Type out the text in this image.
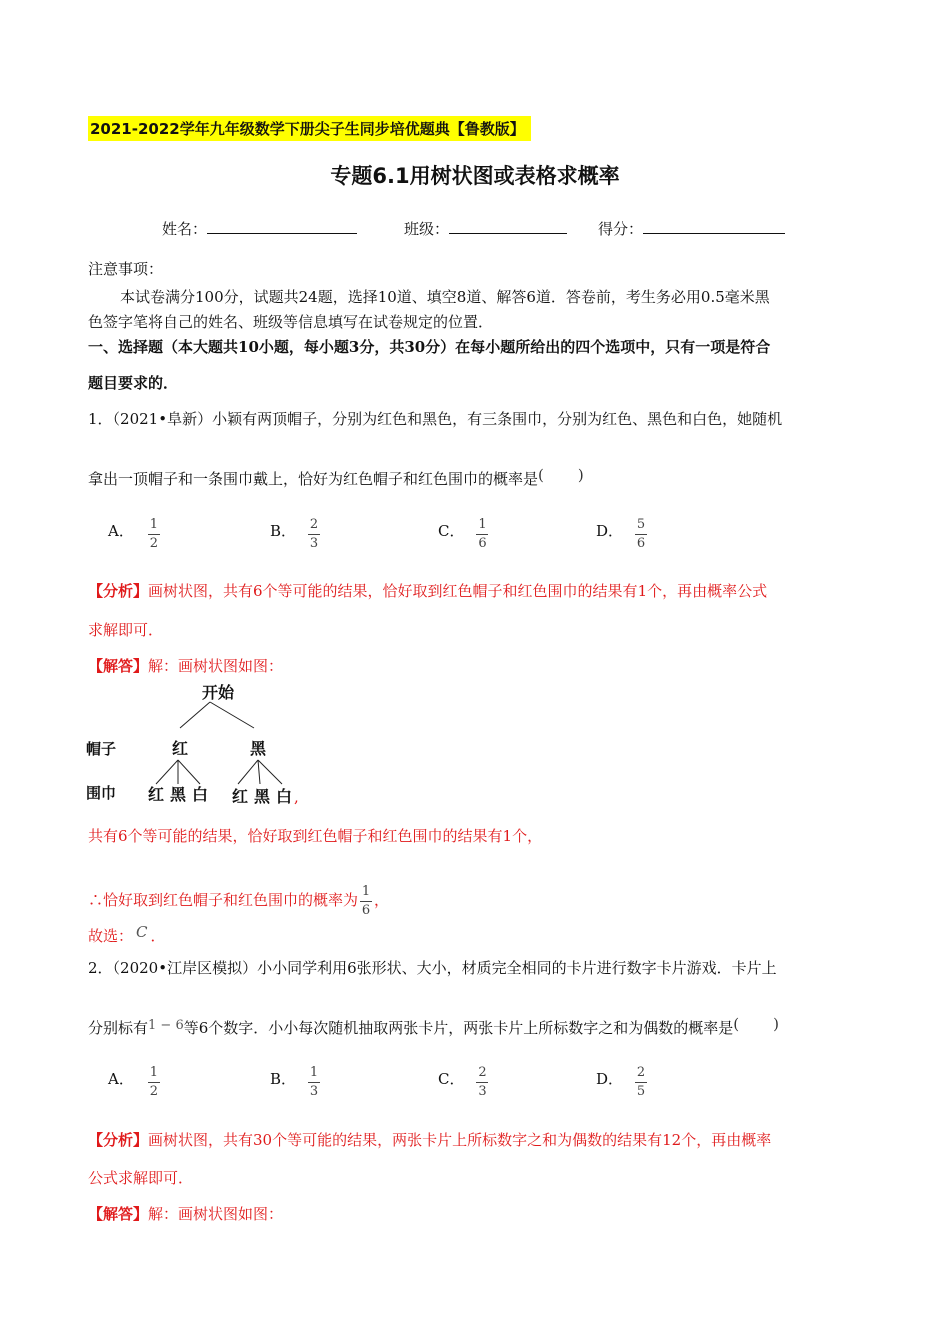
2021-2022学年九年级数学下册尖子生同步培优题典【鲁教版】
专题6.1用树状图或表格求概率
姓名：	班级：	得分：
注意事项：
本试卷满分100分，试题共24题，选择10道、填空8道、解答6道．答卷前，考生务必用0.5毫米黑
色签字笔将自己的姓名、班级等信息填写在试卷规定的位置．
一、选择题（本大题共10小题，每小题3分，共30分）在每小题所给出的四个选项中，只有一项是符合
题目要求的．
1．（2021•阜新）小颖有两顶帽子，分别为红色和黑色，有三条围巾，分别为红色、黑色和白色，她随机
拿出一顶帽子和一条围巾戴上，恰好为红色帽子和红色围巾的概率是( )
A． $\frac{1}{2}$	B． $\frac{2}{3}$	C． $\frac{1}{6}$	D． $\frac{5}{6}$
【分析】画树状图，共有6个等可能的结果，恰好取到红色帽子和红色围巾的结果有1个，再由概率公式
求解即可．
【解答】解：画树状图如图：
开始
帽子
围巾
红	黑
红 黑 白 红 黑 白 ,
共有6个等可能的结果，恰好取到红色帽子和红色围巾的结果有1个，
∴恰好取到红色帽子和红色围巾的概率为 $\frac{1}{6}$ ，
故选： C ．
2．（2020•江岸区模拟）小小同学利用6张形状、大小，材质完全相同的卡片进行数字卡片游戏．卡片上
分别标有1 − 6等6个数字．小小每次随机抽取两张卡片，两张卡片上所标数字之和为偶数的概率是( )
A． $\frac{1}{2}$	B． $\frac{1}{3}$	C． $\frac{2}{3}$	D． $\frac{2}{5}$
【分析】画树状图，共有30个等可能的结果，两张卡片上所标数字之和为偶数的结果有12个，再由概率
公式求解即可．
【解答】解：画树状图如图：
